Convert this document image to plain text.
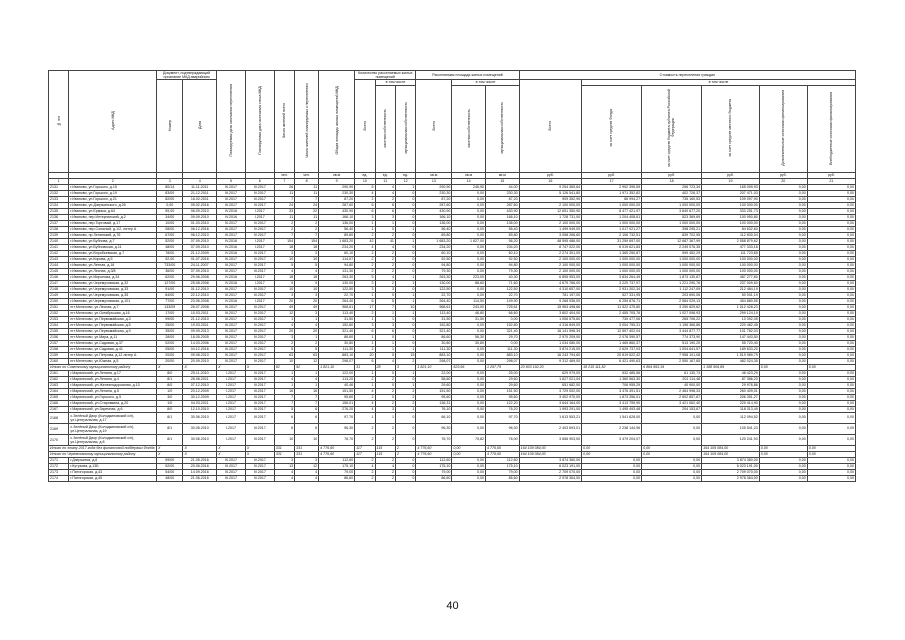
№ п/п	Адрес МКД	Документ, подтверждающий признание МКД аварийным		Планируемая дата окончания переселения	Планируемая дата окончания сноса МКД	Число жителей всего	Число жителей планируемых к переселению	Общая площадь жилых помещений МКД	Количество расселяемых жилых помещений			Расселяемая площадь жилых помещений			Стоимость переселения граждан					
		Номер	Дата						Всего	в том числе		Всего	в том числе		Всего	в том числе				
										частная собственность	муниципальная собственность		частная собственность	муниципальная собственность		за счет средств Фонда	за счет средств бюджета субъекта Российской Федерации	за счет средств местного бюджета	Дополнительные источники финансирования	Внебюджетные источники финансирования
						чел.	чел.	кв.м	ед.	ед.	ед.	кв.м	кв.м	кв.м	руб.	руб.	руб.	руб.	руб.	руб.
1	2	3	4	5	6	7	8	9	10	11	12	13	14	15	16	17	18	19	20	21
2131	г.Иваново, ул.Горького, д.15	80/14	11.11.2011	III.2017	IV.2017	26	11	290,90	5	4	1	290,90	246,90	44,00	9 254 369,64	2 952 395,59	256 723,34	165 099,93	0,00	0,00
2132	г.Иваново, ул.Горького, д.19	83/00	21.12.2011	III.2017	IV.2017	11	11	230,30	4	4	0	230,30	0,00	230,30	5 126 541,80	1 971 352,82	402 726,37	207 471,03	0,00	0,00
2133	г.Иваново, ул.Горького, д.21	82/00	16.02.2011	III.2017	IV.2017	7	7	87,20	2	2	0	87,20	0,00	87,20	909 352,90	66 994,27	735 160,53	109 097,90	0,00	0,00
2134	г.Иваново, ул.Дзержинского, д.26	0,00	05.02.2016	III.2017	III.2017	24	24	287,60	6	6	0	287,60	0,00	287,60	2 100 000,00	1 000 000,00	1 000 000,00	100 000,00	0,00	0,00
2135	г.Иваново, ул.Ермака, д.64	59,00	06.09.2010	IV.2016	I.2017	33	22	430,90	6	6	0	430,90	0,00	430,90	12 651 350,90	8 477 421,97	3 840 677,20	333 251,73	0,00	0,00
2136	г.Иваново, пер.Интернатский, д.2	34/00	09.09.2010	IV.2016	I.2017	11	11	166,10	3	3	0	166,10	0,00	166,10	1 728 731,00	1 204 408,61	523 369,69	100 950,80	0,00	0,00
2137	г.Иваново, пер.Торговый, д.17	10/00	01.03.2010	III.2017	IV.2017	2	2	136,00	1	1	0	136,00	0,00	136,00	2 100 000,00	1 000 000,00	1 000 000,00	100 000,00	0,00	0,00
2138	г.Иваново, пер.Союзный, д.1/2, литер А	08/00	06.12.2016	III.2017	IV.2017	2	2	56,40	1	0	1	56,40	0,00	56,40	1 499 949,00	1 017 021,27	398 295,21	84 632,60	0,00	0,00
2139	г.Иваново, пр.Ленинский, д.76	67/00	06.12.2010	III.2017	IV.2017	7	7	89,80	2	2	0	89,80	0,00	89,80	3 058 266,60	2 106 732,51	839 702,55	112 830,04	0,00	0,00
2140	г.Иваново, ул.Бубнова, д.7	52/00	07.09.2010	IV.2016	I.2017	154	154	1 683,20	42	41	1	1 683,20	1 627,00	56,20	48 595 486,00	31 259 697,00	12 687 367,99	2 558 879,62	0,00	0,00
2141	г.Иваново, ул.Бубновская, д.11	48/00	07.09.2010	IV.2016	I.2017	18	18	234,20	4	4	0	234,20	0,00	234,20	8 747 022,00	6 019 621,83	2 249 076,35	477 333,16	0,00	0,00
2142	г.Иваново, ул.Воробьевская, д.7	78/00	21.12.2009	IV.2016	III.2017	3	3	60,10	2	2	0	60,10	0,00	60,10	2 274 301,00	1 365 250,87	599 452,29	111 723,65	0,00	0,00
2143	г.Иваново, ул.Кирова, д.5	92,00	01.07.2016	III.2017	IV.2017	10	10	114,57	2	2	0	92,50	0,00	92,50	2 100 000,00	1 000 000,00	1 000 000,00	100 000,00	0,00	0,00
2144	г.Иваново, ул.Летная, д.16	733/00	24.11.2007	III.2017	III.2017	5	5	94,80	2	2	0	94,80	0,00	94,80	2 100 000,00	1 000 000,00	1 000 000,00	100 000,00	0,00	0,00
2145	г.Иваново, ул.Лесная, д.3/8	36/00	07.09.2010	III.2017	III.2017	4	4	131,30	2	2	0	79,30	0,00	79,30	2 100 000,00	1 000 000,00	1 000 000,00	100 000,00	0,00	0,00
2146	г.Иваново, ул.Миронова, д.34	62/00	29.06.2008	IV.2016	I.2017	18	18	263,30	5	4	1	263,30	223,00	40,30	6 895 953,00	3 834 264,49	1 873 130,87	487 277,60	0,00	0,00
2147	г.Иваново, ул.Черемуховская, д.32	127/00	25.08.2008	IV.2016	I.2017	9	9	130,00	3	2	1	130,00	88,60	71,60	4 679 766,00	3 220 737,97	1 221 290,76	237 009,60	0,00	0,00
2148	г.Иваново, ул.Черемуховская, д.33	91/00	01.12.2010	III.2017	IV.2017	10	10	122,50	3	3	0	122,50	0,00	122,50	4 310 657,00	2 931 302,34	1 112 247,09	212 484,19	0,00	0,00
2149	г.Иваново, ул.Черемуховская, д.35	84/00	22.12.2010	III.2017	IV.2017	3	3	22,70	1	0	1	22,70	0,00	22,70	781 197,00	527 331,95	203 690,06	50 001,19	0,00	0,00
2150	г.Иваново, ул.Черемуховская, д.101	77/00	23.06.2008	IV.2016	I.2017	20	20	264,40	6	5	1	264,40	114,50	149,90	9 268 936,00	6 259 876,71	2 584 029,13	454 880,55	0,00	0,00
2151	пгт.Мелехово, ул.Лесная, д.7	133/09	26.07.2008	III.2017	IV.2017	49	49	968,61	17	7	10	968,61	243,00	725,61	15 963 498,66	11 522 475,80	3 250 829,62	1 012 428,23	0,00	0,00
2152	пгт.Мелехово, ул.Октябрьская, д.16	17/00	10.03.2011	III.2017	IV.2017	12	3	113,40	2	1	1	113,40	46,80	66,60	3 802 404,00	2 455 705,76	1 027 098,93	299 124,19	0,00	0,00
2153	пгт.Мелехово, ул.Первомайская, д.3	99/00	21.12.2010	III.2017	IV.2017	1	1	31,50	1	1	0	31,50	31,50	0,00	1 006 575,60	730 477,06	265 706,22	10 392,05	0,00	0,00
2154	пгт.Мелехово, ул.Первомайская, д.5	25/00	19.03.2011	III.2017	IV.2017	4	4	152,80	3	3	0	152,80	0,00	152,80	4 316 849,00	3 004 795,31	1 196 366,86	220 482,45	0,00	0,00
2155	пгт.Мелехово, ул.Первомайская, д.9	35/00	09.09.2013	III.2017	IV.2017	20	20	321,40	6	6	0	321,40	0,00	321,40	16 141 596,34	12 597 402,04	3 444 877,77	101 782,03	0,00	0,00
2156	пгт.Мелехово, ул.Мира, д.11	28/00	18.05.2005	III.2017	IV.2017	3	1	86,60	1	0	1	86,60	56,30	29,70	2 970 209,00	2 076 390,57	774 373,90	147 443,50	0,00	0,00
2157	пгт.Мелехово, ул.Садовая, д.37	02/00	14.03.2006	III.2017	IV.2017	2	2	30,80	1	1	0	30,80	30,80	0,00	1 034 080,00	1 465 860,37	513 190,20	55 720,40	0,00	0,00
2158	пгт.Мелехово, ул.Садовая, д.41	05/00	04.12.2016	III.2017	IV.2017	5	5	111,30	2	1	1	111,30	0,00	111,30	3 874 215,00	2 629 737,03	1 004 641,57	189 633,20	0,00	0,00
2159	пгт.Мелехово, ул.Петрова, д.12 литер А	20/00	09.08.2010	III.2017	IV.2017	63	63	883,10	20	5	15	883,10	0,00	883,10	16 243 794,60	20 819 522,42	7 958 101,08	1 519 989,79	0,00	0,00
2160	пгт.Мелехово, ул.Южная, д.5	20/00	20.09.2010	III.2017	IV.2017	10	12	298,07	6	4	2	298,07	0,00	298,07	9 312 469,00	6 421 490,63	2 550 167,65	482 024,35	0,00	0,00
Итого по Советскому муниципальному району		X	X	X	X	92	92	1 821,10	31	28	3	1 821,10	523,66	1 297,75	20 503 192,20	18 215 111,82	6 884 953,19	1 188 506,89	0,00	0,00
2161	г.Мариинский, ул.Ленина, д.17	8/0	25.11.2010	I.2017	III.2017	1	1	122,00	1	0	1	22,00	0,00	25,00	629 979,00	532 485,56	61 130,73	46 423,29	0,00	0,00
2162	г.Мариинский, ул.Ленина, д.4	8/1	26.06.2011	I.2017	III.2017	4	4	113,20	2	2	0	58,60	0,00	29,60	1 627 021,04	1 360 563,30	201 114,48	87 386,20	0,00	0,00
2163	г.Мариинский, ул.Железнодорожная, д.10	8/0	07.12.2010	I.2017	III.2017	1	1	40,46	1	0	1	29,60	0,00	29,60	651 682,00	706 955,29	40 900,00	29 976,86	0,00	0,00
2164	г.Мариинский, ул.Ленина, д.5	1/0	20.12.2009	I.2017	III.2017	16	16	151,50	4	2	2	151,50	0,00	151,50	3 729 002,00	3 476 491,51	2 464 998,33	260 409,01	0,00	0,00
2165	г.Мариинский, ул.Горького, д.5	3/0	30.12.2009	I.2017	III.2017	7	7	95,60	2	0	2	95,60	0,00	95,60	3 402 970,00	1 873 356,01	2 602 857,87	206 351,27	0,00	0,00
2166	г.Мариинский, ул.Старовкина, д.20	1/0	04.03.2011	I.2017	III.2017	7	7	156,01	4	2	2	136,31	0,00	122,20	3 644 164,00	3 413 759,90	3 421 062,40	229 414,90	0,00	0,00
2167	г.Мариинский, ул.Заречная, д.6	8/0	12.10.2010	I.2017	III.2017	5	6	276,20	4	3	1	76,10	0,00	76,20	1 993 291,00	1 495 493,48	204 153,67	118 313,49	0,00	0,00
2168	с.Зелёный Двор (Колодкиновский с/п), ул.Центральная, д.17	8/1	30.06.2010	I.2017	III.2017	6	6	97,70	1	1	0	66,10	0,00	97,70	1 613 553,21	1 541 628,00	0,00	112 094,52	0,00	0,00
2169	с.Зелёный Двор (Колодкиновский с/п), ул.Центральная, д.19	8/1	30.06.2010	I.2017	III.2017	6	6	96,30	2	2	0	96,30	0,00	96,30	2 403 693,01	2 238 144,96	0,00	105 541,23	0,00	0,00
2170	с.Зелёный Двор (Колодкиновский с/п), ул.Центральная, д.8	8/1	30.06.2010	I.2017	III.2017	10	10	76,70	2	2	0	76,70	75,82	76,00	3 656 903,00	3 479 204,07	0,00	120 241,93	0,00	0,00
Итого по этапу 2017 года без финансовой поддержки Фонда		X	X	X	X	331	331	4 776,60	117	115	2	4 776,60	0,00	4 776,60	164 109 084,00	0,00	0,00	164 109 084,00	0,00	0,00
Итого по Черемховскому муниципальному району		X	X	X	X	331	331	4 776,60	117	115	2	4 776,60	0,00	4 776,60	164 109 084,00	0,00	0,00	164 109 084,00	0,00	0,00
2171	г.Дзержинск, д.6	59/00	21.05.2016	III.2017	IV.2017	3	3	112,60	2	2	0	112,60	0,00	112,60	3 874 360,00	0,00	0,00	3 874 360,00	0,00	0,00
2172	г.Кутузова, д.13Б	52/00	20.06.2016	III.2017	IV.2017	13	12	175,10	4	4	0	175,10	0,00	175,10	6 023 191,00	0,00	0,00	6 023 191,00	0,00	0,00
2173	г.Пятигорская, д.43	54/00	14.09.2016	III.2017	IV.2017	4	4	79,00	2	2	0	79,00	0,00	79,00	2 709 070,00	0,00	0,00	2 709 070,00	0,00	0,00
2174	г.Пятигорская, д.45	48/00	21.06.2016	III.2017	IV.2017	4	4	86,60	2	2	0	86,60	0,00	86,60	2 978 364,00	0,00	0,00	2 978 364,00	0,00	0,00
40
